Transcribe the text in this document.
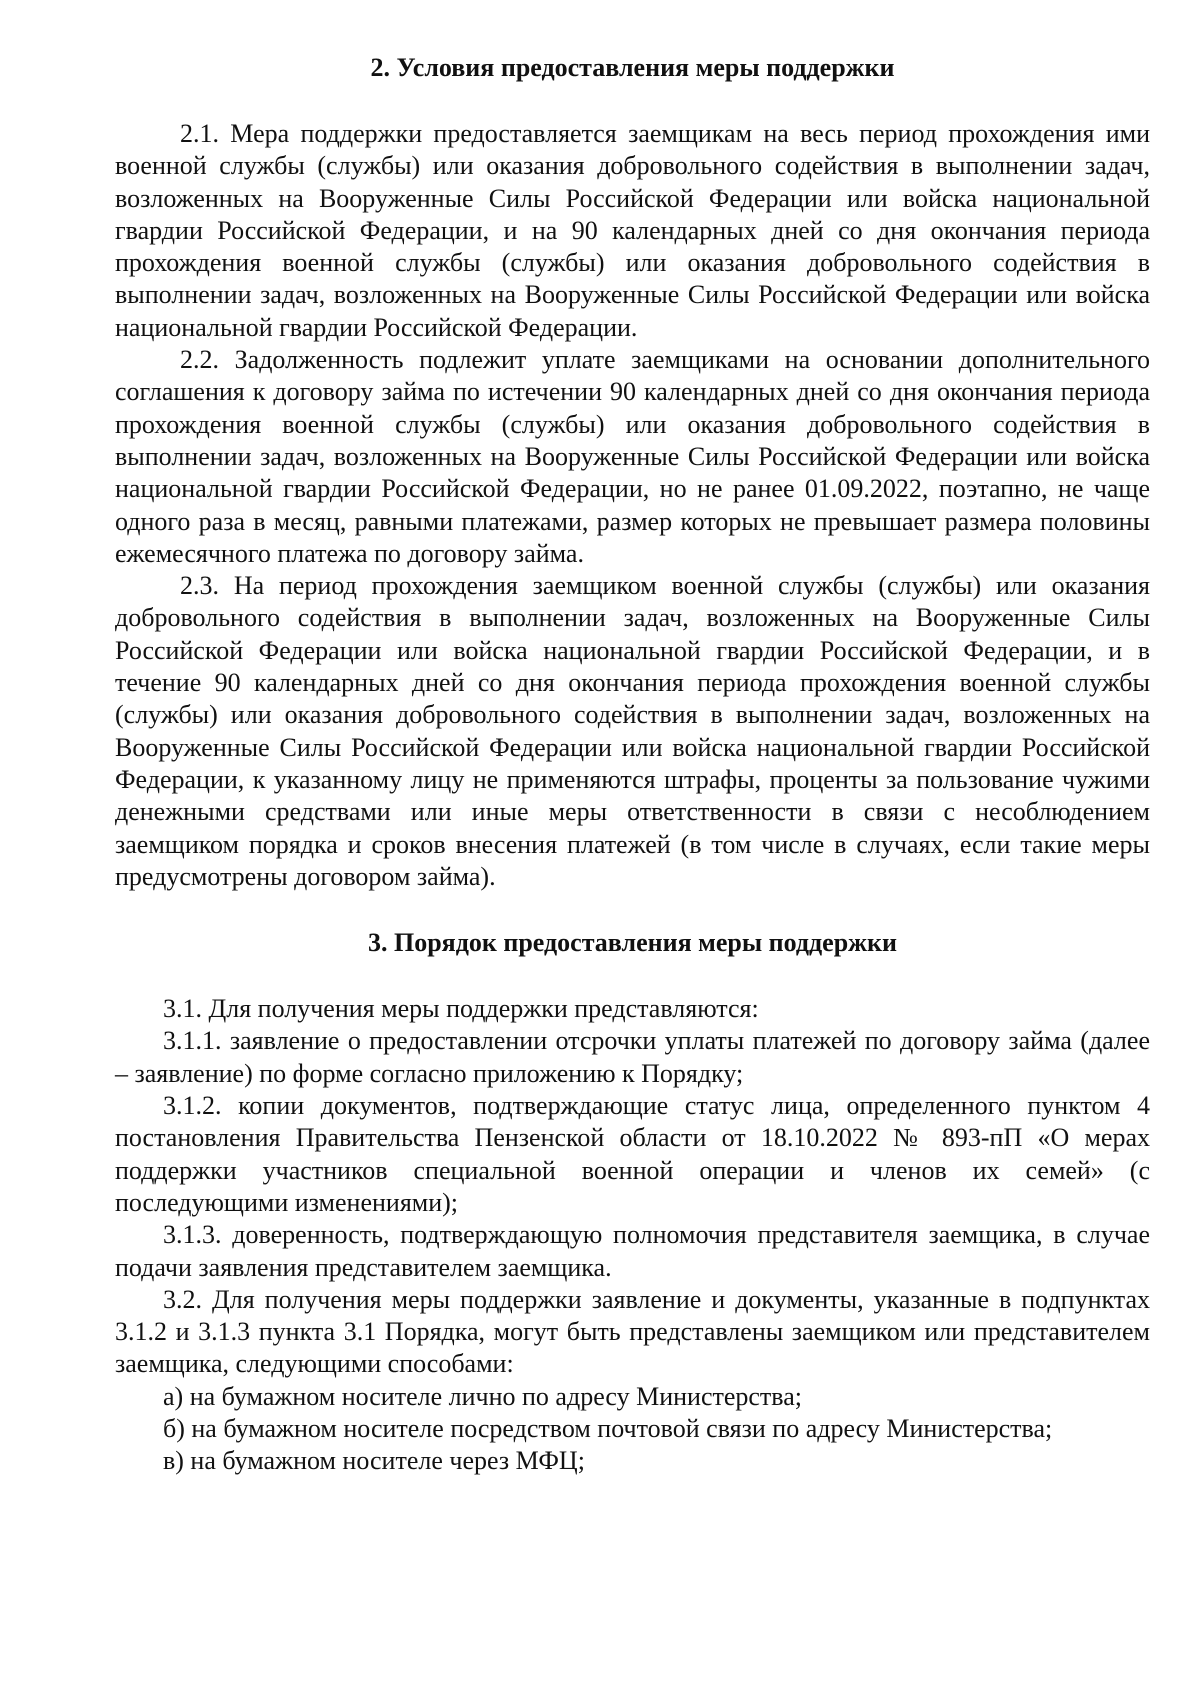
2. Условия предоставления меры поддержки

2.1. Мера поддержки предоставляется заемщикам на весь период прохождения ими военной службы (службы) или оказания добровольного содействия в выполнении задач, возложенных на Вооруженные Силы Российской Федерации или войска национальной гвардии Российской Федерации, и на 90 календарных дней со дня окончания периода прохождения военной службы (службы) или оказания добровольного содействия в выполнении задач, возложенных на Вооруженные Силы Российской Федерации или войска национальной гвардии Российской Федерации.

2.2. Задолженность подлежит уплате заемщиками на основании дополнительного соглашения к договору займа по истечении 90 календарных дней со дня окончания периода прохождения военной службы (службы) или оказания добровольного содействия в выполнении задач, возложенных на Вооруженные Силы Российской Федерации или войска национальной гвардии Российской Федерации, но не ранее 01.09.2022, поэтапно, не чаще одного раза в месяц, равными платежами, размер которых не превышает размера половины ежемесячного платежа по договору займа.

2.3. На период прохождения заемщиком военной службы (службы) или оказания добровольного содействия в выполнении задач, возложенных на Вооруженные Силы Российской Федерации или войска национальной гвардии Российской Федерации, и в течение 90 календарных дней со дня окончания периода прохождения военной службы (службы) или оказания добровольного содействия в выполнении задач, возложенных на Вооруженные Силы Российской Федерации или войска национальной гвардии Российской Федерации, к указанному лицу не применяются штрафы, проценты за пользование чужими денежными средствами или иные меры ответственности в связи с несоблюдением заемщиком порядка и сроков внесения платежей (в том числе в случаях, если такие меры предусмотрены договором займа).

3. Порядок предоставления меры поддержки

3.1. Для получения меры поддержки представляются:

3.1.1. заявление о предоставлении отсрочки уплаты платежей по договору займа (далее – заявление) по форме согласно приложению к Порядку;

3.1.2. копии документов, подтверждающие статус лица, определенного пунктом 4 постановления Правительства Пензенской области от 18.10.2022 № 893-пП «О мерах поддержки участников специальной военной операции и членов их семей» (с последующими изменениями);

3.1.3. доверенность, подтверждающую полномочия представителя заемщика, в случае подачи заявления представителем заемщика.

3.2. Для получения меры поддержки заявление и документы, указанные в подпунктах 3.1.2 и 3.1.3 пункта 3.1 Порядка, могут быть представлены заемщиком или представителем заемщика, следующими способами:

а) на бумажном носителе лично по адресу Министерства;

б) на бумажном носителе посредством почтовой связи по адресу Министерства;

в) на бумажном носителе через МФЦ;
